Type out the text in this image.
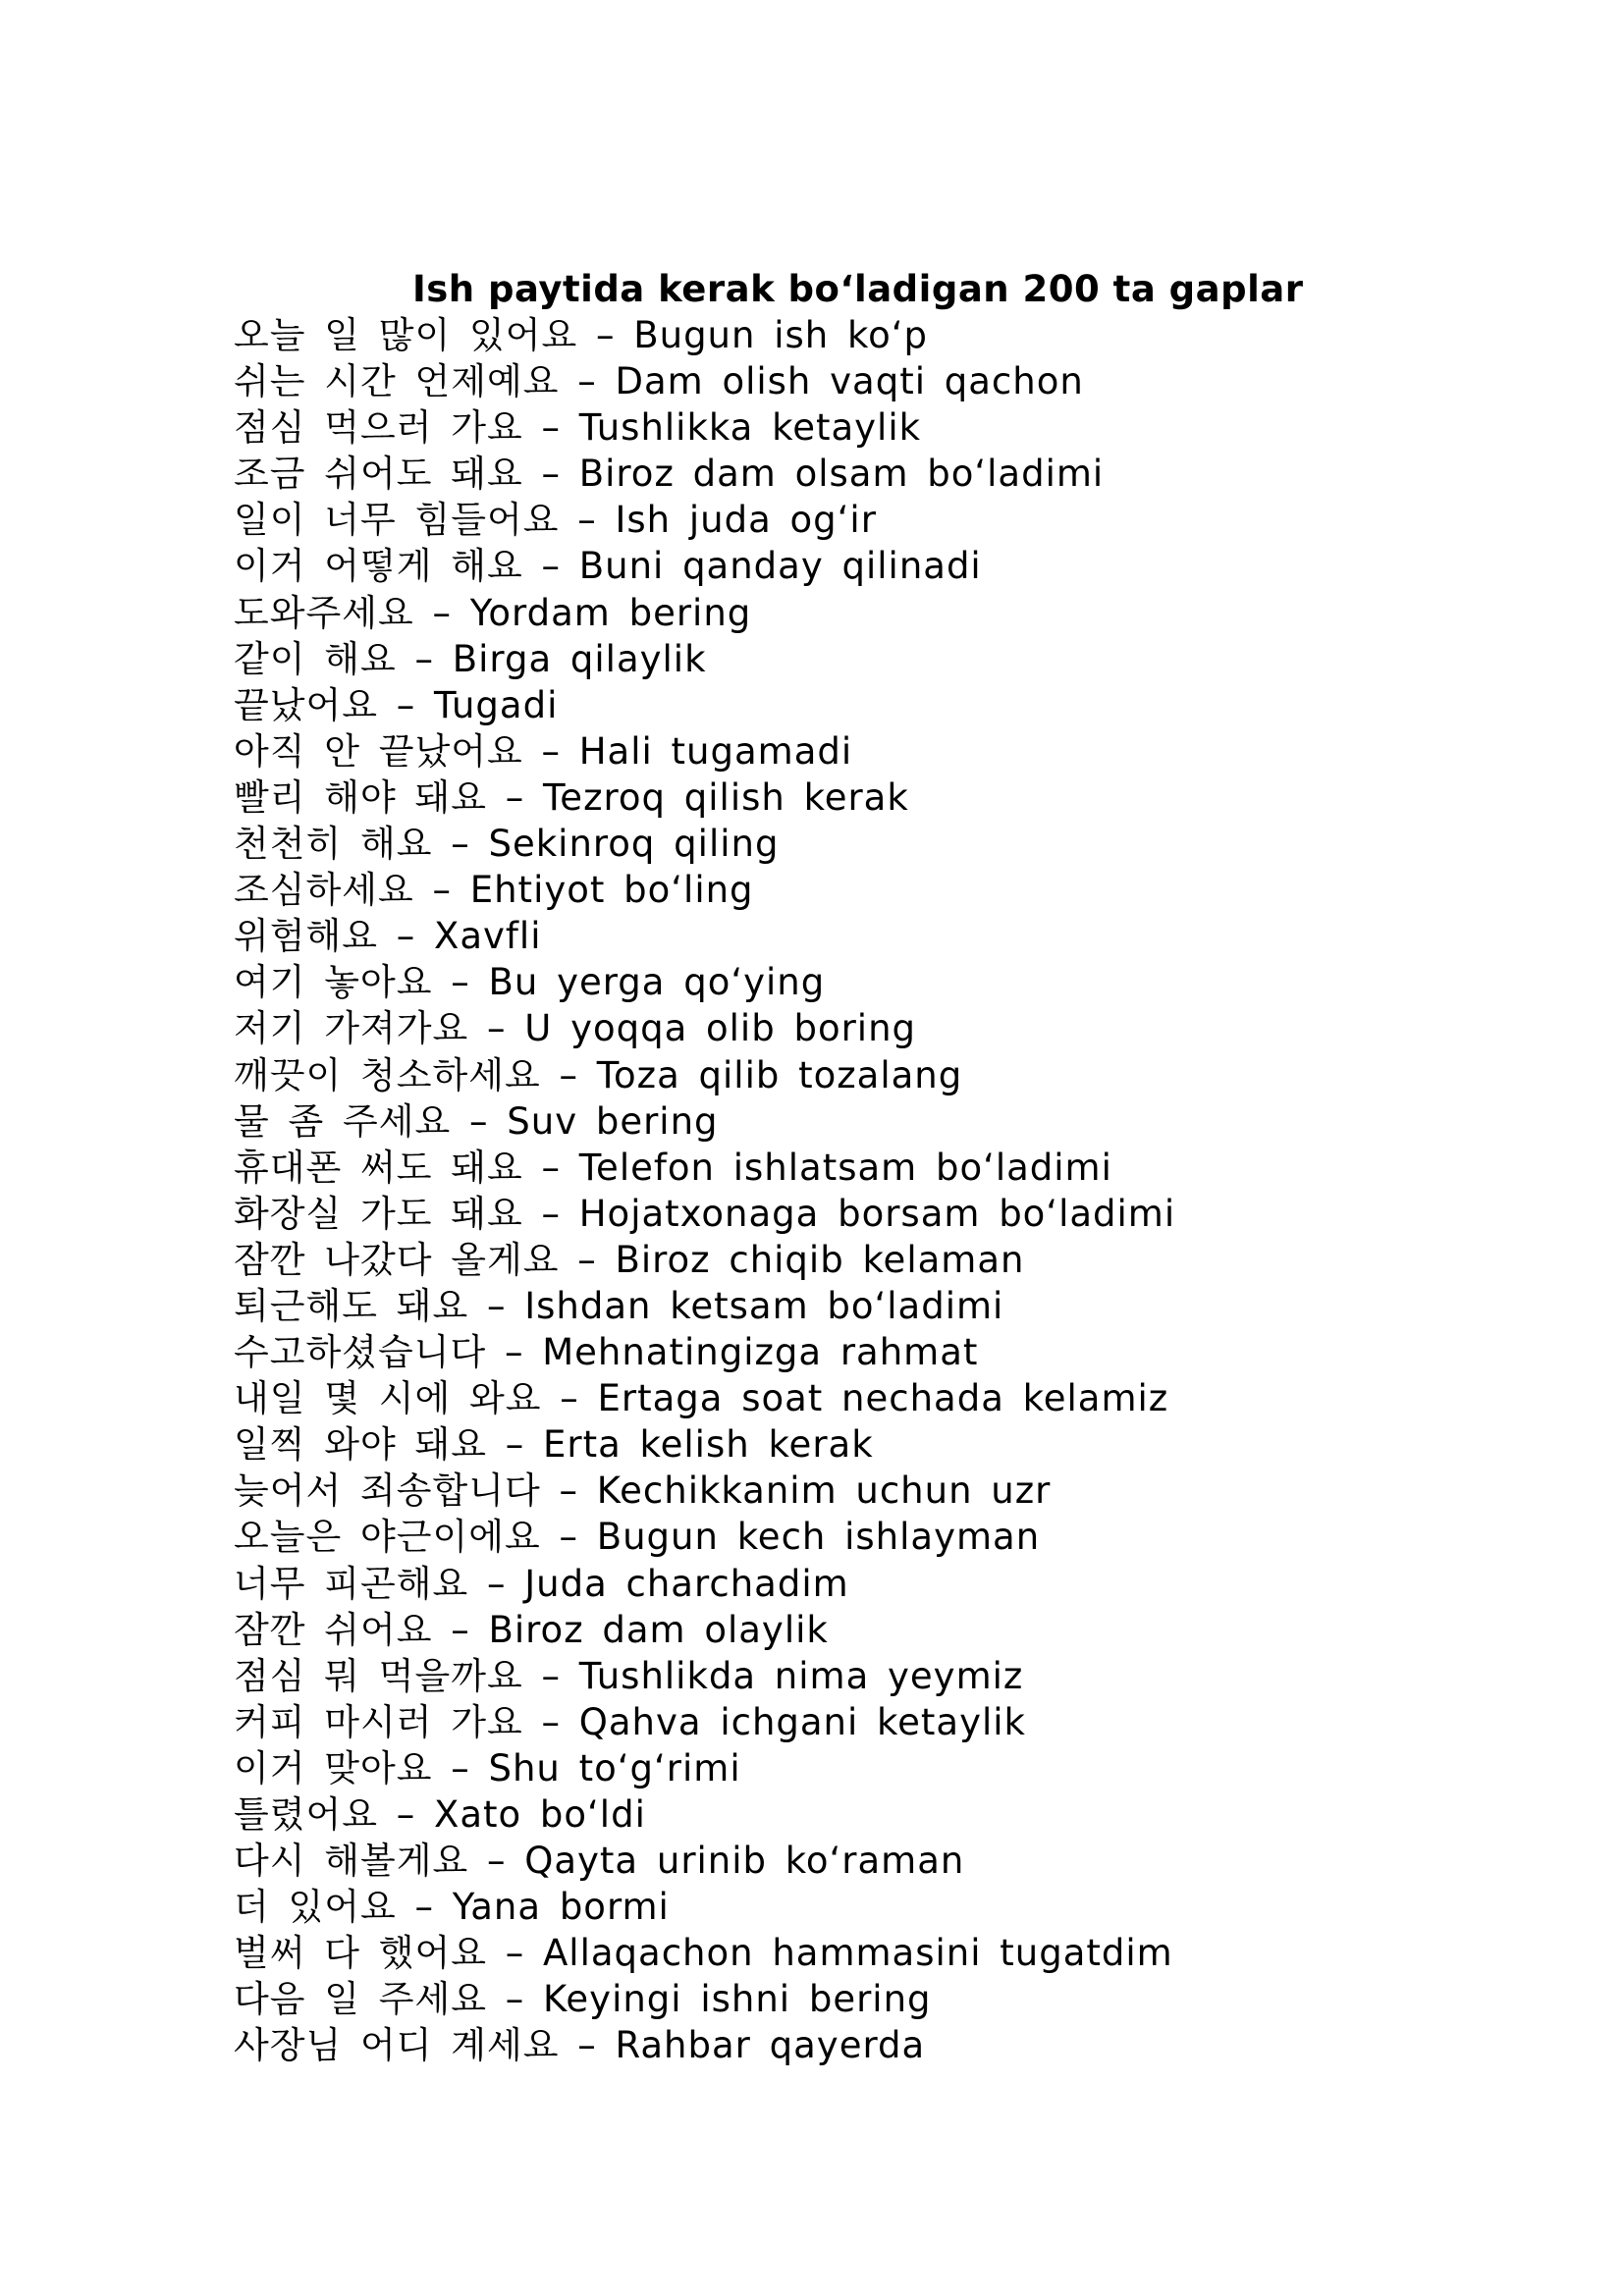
Ish paytida kerak bo‘ladigan 200 ta gaplar
오늘 일 많이 있어요 – Bugun ish ko‘p
쉬는 시간 언제예요 – Dam olish vaqti qachon
점심 먹으러 가요 – Tushlikka ketaylik
조금 쉬어도 돼요 – Biroz dam olsam bo‘ladimi
일이 너무 힘들어요 – Ish juda og‘ir
이거 어떻게 해요 – Buni qanday qilinadi
도와주세요 – Yordam bering
같이 해요 – Birga qilaylik
끝났어요 – Tugadi
아직 안 끝났어요 – Hali tugamadi
빨리 해야 돼요 – Tezroq qilish kerak
천천히 해요 – Sekinroq qiling
조심하세요 – Ehtiyot bo‘ling
위험해요 – Xavfli
여기 놓아요 – Bu yerga qo‘ying
저기 가져가요 – U yoqqa olib boring
깨끗이 청소하세요 – Toza qilib tozalang
물 좀 주세요 – Suv bering
휴대폰 써도 돼요 – Telefon ishlatsam bo‘ladimi
화장실 가도 돼요 – Hojatxonaga borsam bo‘ladimi
잠깐 나갔다 올게요 – Biroz chiqib kelaman
퇴근해도 돼요 – Ishdan ketsam bo‘ladimi
수고하셨습니다 – Mehnatingizga rahmat
내일 몇 시에 와요 – Ertaga soat nechada kelamiz
일찍 와야 돼요 – Erta kelish kerak
늦어서 죄송합니다 – Kechikkanim uchun uzr
오늘은 야근이에요 – Bugun kech ishlayman
너무 피곤해요 – Juda charchadim
잠깐 쉬어요 – Biroz dam olaylik
점심 뭐 먹을까요 – Tushlikda nima yeymiz
커피 마시러 가요 – Qahva ichgani ketaylik
이거 맞아요 – Shu to‘g‘rimi
틀렸어요 – Xato bo‘ldi
다시 해볼게요 – Qayta urinib ko‘raman
더 있어요 – Yana bormi
벌써 다 했어요 – Allaqachon hammasini tugatdim
다음 일 주세요 – Keyingi ishni bering
사장님 어디 계세요 – Rahbar qayerda
